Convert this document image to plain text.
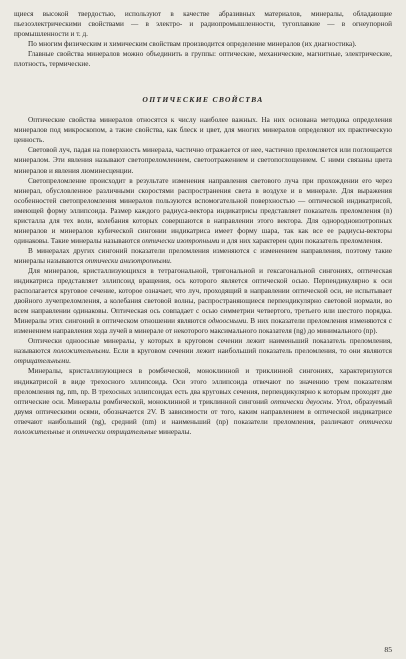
щиеся высокой твердостью, используют в качестве абразивных материалов, минералы, обладающие пьезоэлектрическими свойствами — в электро- и радиопромышленности, тугоплавкие — в огнеупорной промышленности и т. д.

По многим физическим и химическим свойствам производится определение минералов (их диагностика).

Главные свойства минералов можно объединить в группы: оптические, механические, магнитные, электрические, плотность, термические.

ОПТИЧЕСКИЕ СВОЙСТВА

Оптические свойства минералов относятся к числу наиболее важных. На них основана методика определения минералов под микроскопом, а такие свойства, как блеск и цвет, для многих минералов определяют их практическую ценность.

Световой луч, падая на поверхность минерала, частично отражается от нее, частично преломляется или поглощается минералом. Эти явления называют светопреломлением, светоотражением и светопоглощением. С ними связаны цвета минералов и явления люминесценции.

Светопреломление происходит в результате изменения направления светового луча при прохождении его через минерал, обусловленное различными скоростями распространения света в воздухе и в минерале. Для выражения особенностей светопреломления минералов пользуются вспомогательной поверхностью — оптической индикатрисой, имеющей форму эллипсоида. Размер каждого радиуса-вектора индикатрисы представляет показатель преломления (n) кристалла для тех волн, колебания которых совершаются в направлении этого вектора. Для однородноизотропных минералов и минералов кубической сингонии индикатриса имеет форму шара, так как все ее радиусы-векторы одинаковы. Такие минералы называются оптически изотропными и для них характерен один показатель преломления.

В минералах других сингоний показатели преломления изменяются с изменением направления, поэтому такие минералы называются оптически анизотропными.

Для минералов, кристаллизующихся в тетрагональной, тригональной и гексагональной сингониях, оптическая индикатриса представляет эллипсоид вращения, ось которого является оптической осью. Перпендикулярно к оси располагается круговое сечение, которое означает, что луч, проходящий в направлении оптической оси, не испытывает двойного лучепреломления, а колебания световой волны, распространяющиеся перпендикулярно световой нормали, во всем направлении одинаковы. Оптическая ось совпадает с осью симметрии четвертого, третьего или шестого порядка. Минералы этих сингоний в оптическом отношении являются одноосными. В них показатели преломления изменяются с изменением направления хода лучей в минерале от некоторого максимального показателя (ng) до минимального (np).

Оптически одноосные минералы, у которых в круговом сечении лежит наименьший показатель преломления, называются положительными. Если в круговом сечении лежит наибольший показатель преломления, то они являются отрицательными.

Минералы, кристаллизующиеся в ромбической, моноклинной и триклинной сингониях, характеризуются индикатрисой в виде трехосного эллипсоида. Оси этого эллипсоида отвечают по значению трем показателям преломления ng, nm, np. В трехосных эллипсоидах есть два круговых сечения, перпендикулярно к которым проходят две оптические оси. Минералы ромбической, моноклинной и триклинной сингоний оптически двуосны. Угол, образуемый двумя оптическими осями, обозначается 2V. В зависимости от того, каким направлением в оптической индикатрисе отвечают наибольший (ng), средний (nm) и наименьший (np) показатели преломления, различают оптически положительные и оптически отрицательные минералы.

85
